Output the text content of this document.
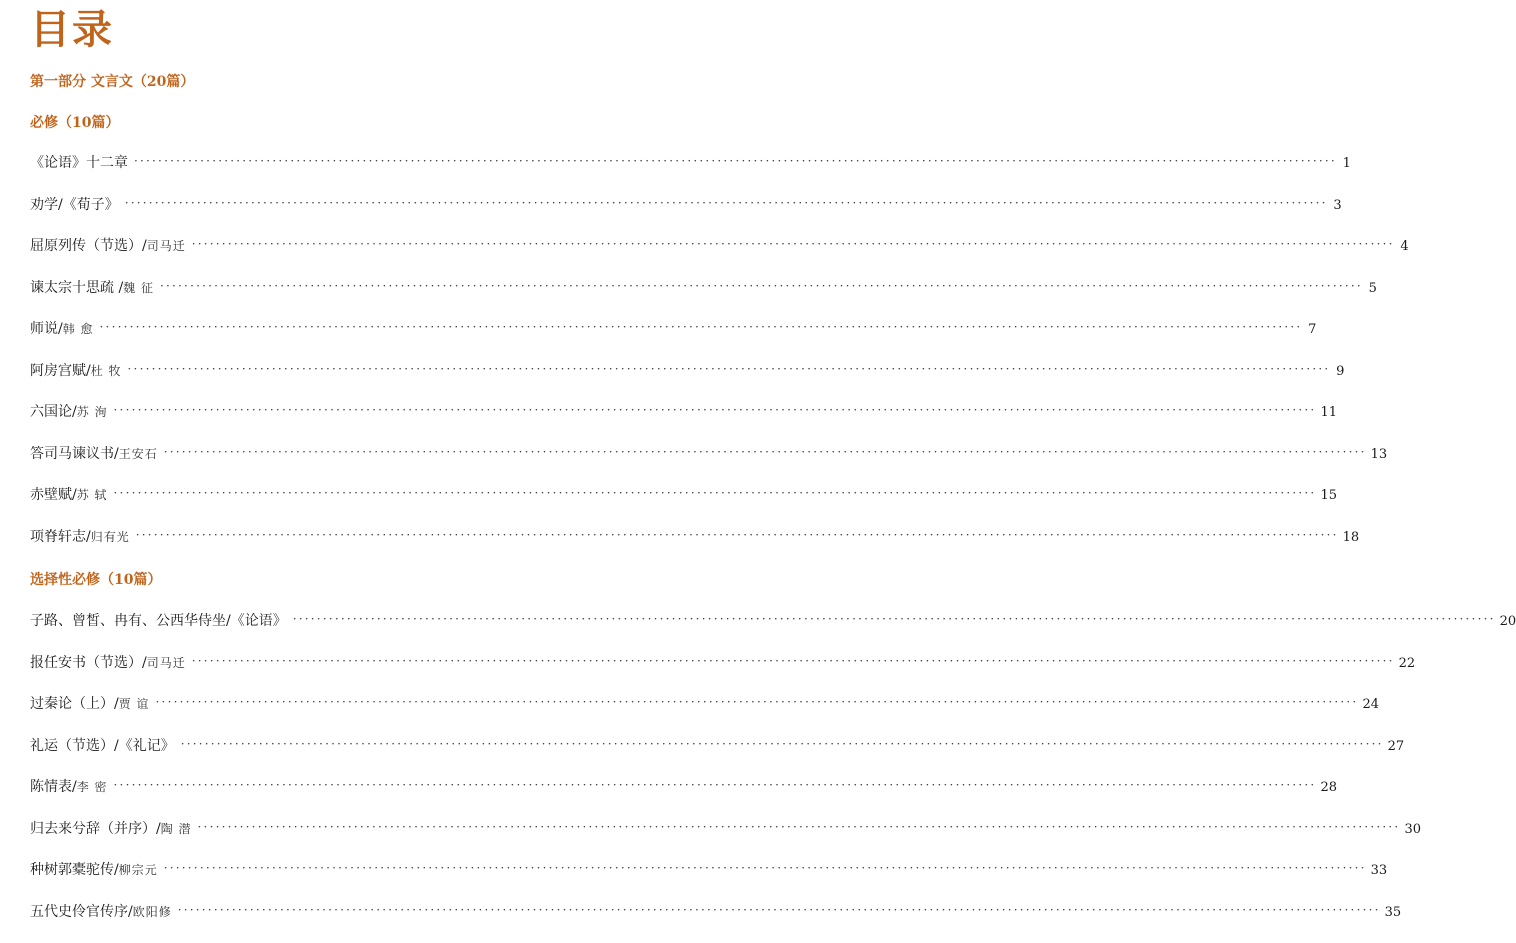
目录
第一部分 文言文（20篇）
必修（10篇）
《论语》十二章 ········································································································································································································ 1
劝学/《荀子》 ········································································································································································································ 3
屈原列传（节选）/ 司马迁 ········································································································································································································ 4
谏太宗十思疏 / 魏 征 ········································································································································································································ 5
师说/ 韩 愈 ········································································································································································································ 7
阿房宫赋/ 杜 牧 ········································································································································································································ 9
六国论/ 苏 洵 ········································································································································································································ 11
答司马谏议书/ 王安石 ········································································································································································································ 13
赤壁赋/ 苏 轼 ········································································································································································································ 15
项脊轩志/ 归有光 ········································································································································································································ 18
选择性必修（10篇）
子路、曾皙、冉有、公西华侍坐/《论语》 ········································································································································································································ 20
报任安书（节选）/ 司马迁 ········································································································································································································ 22
过秦论（上）/ 贾 谊 ········································································································································································································ 24
礼运（节选）/《礼记》 ········································································································································································································ 27
陈情表/ 李 密 ········································································································································································································ 28
归去来兮辞（并序）/ 陶 潜 ········································································································································································································ 30
种树郭橐驼传/ 柳宗元 ········································································································································································································ 33
五代史伶官传序/ 欧阳修 ········································································································································································································ 35
